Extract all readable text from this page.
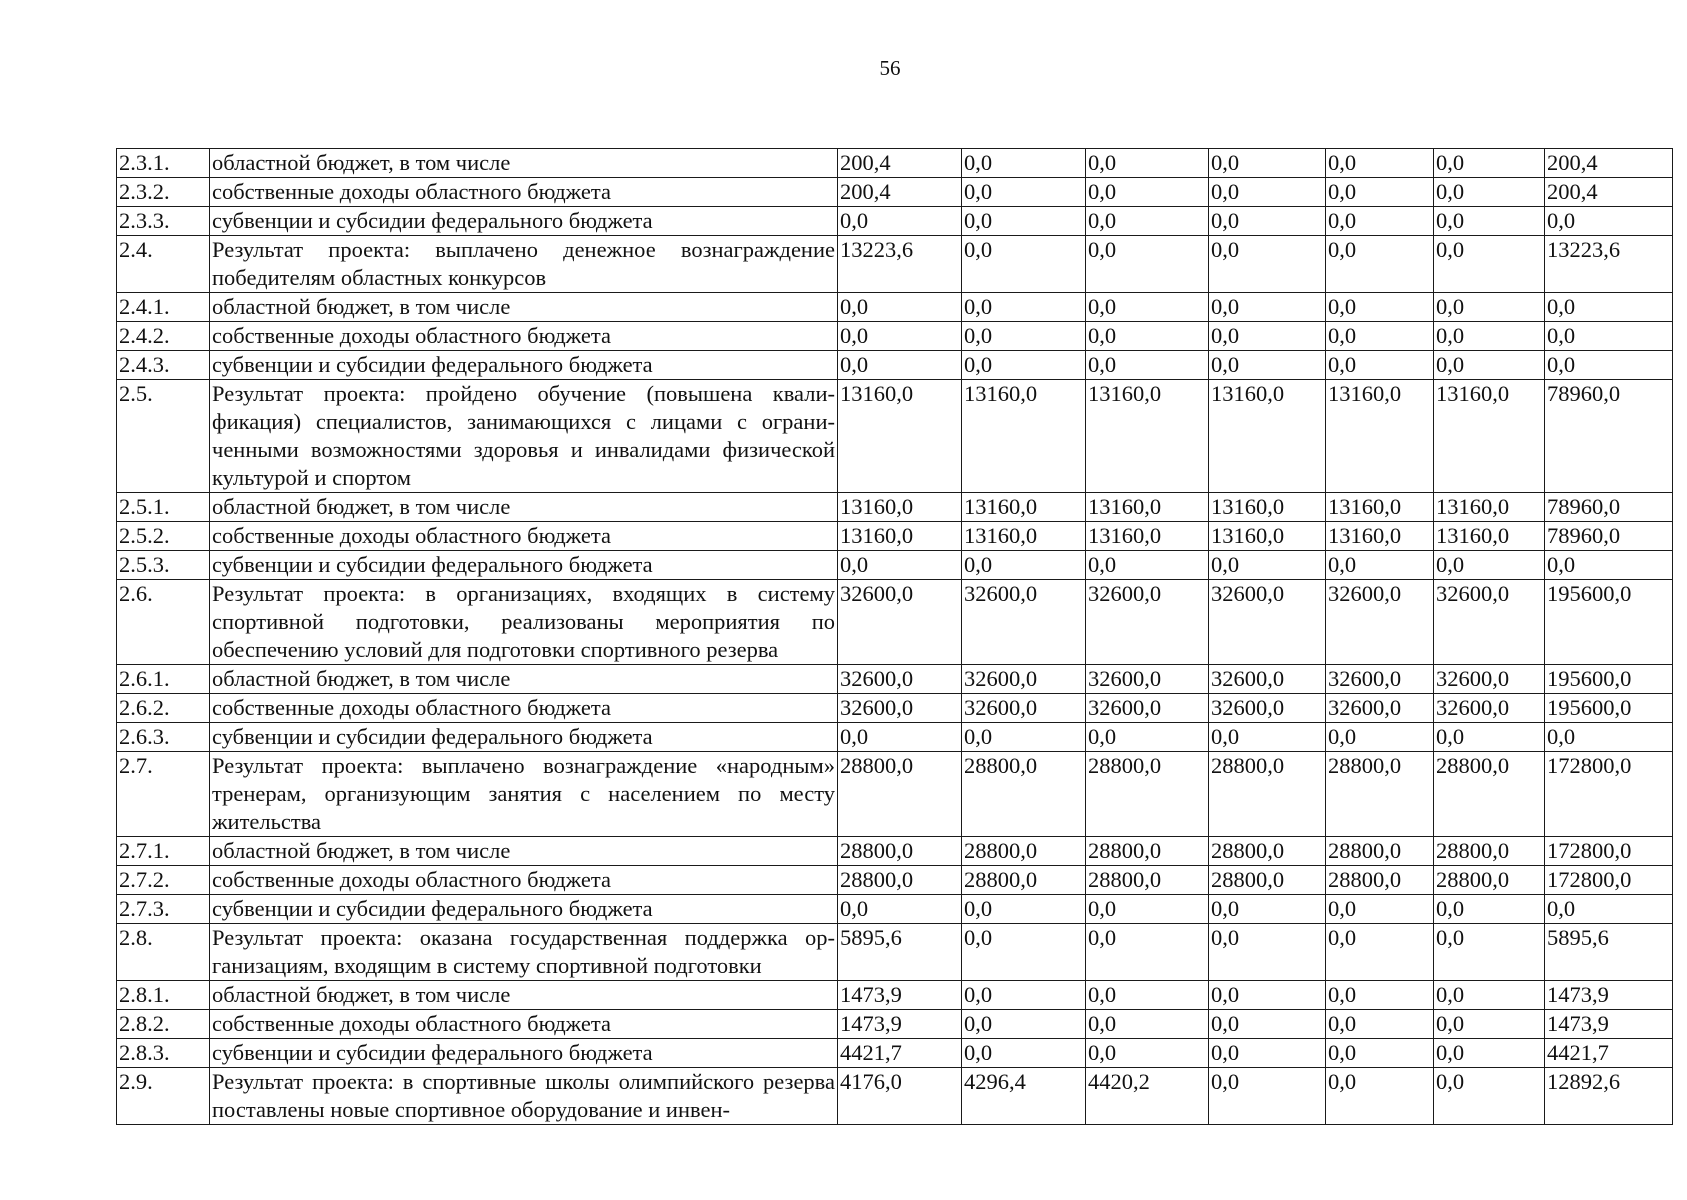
56
2.3.1.	областной бюджет, в том числе	200,4	0,0	0,0	0,0	0,0	0,0	200,4
2.3.2.	собственные доходы областного бюджета	200,4	0,0	0,0	0,0	0,0	0,0	200,4
2.3.3.	субвенции и субсидии федерального бюджета	0,0	0,0	0,0	0,0	0,0	0,0	0,0
2.4.	Результат проекта: выплачено денежное вознаграждение победителям областных конкурсов	13223,6	0,0	0,0	0,0	0,0	0,0	13223,6
2.4.1.	областной бюджет, в том числе	0,0	0,0	0,0	0,0	0,0	0,0	0,0
2.4.2.	собственные доходы областного бюджета	0,0	0,0	0,0	0,0	0,0	0,0	0,0
2.4.3.	субвенции и субсидии федерального бюджета	0,0	0,0	0,0	0,0	0,0	0,0	0,0
2.5.	Результат проекта: пройдено обучение (повышена квалификация) специалистов, занимающихся с лицами с ограниченными возможностями здоровья и инвалидами физической культурой и спортом	13160,0	13160,0	13160,0	13160,0	13160,0	13160,0	78960,0
2.5.1.	областной бюджет, в том числе	13160,0	13160,0	13160,0	13160,0	13160,0	13160,0	78960,0
2.5.2.	собственные доходы областного бюджета	13160,0	13160,0	13160,0	13160,0	13160,0	13160,0	78960,0
2.5.3.	субвенции и субсидии федерального бюджета	0,0	0,0	0,0	0,0	0,0	0,0	0,0
2.6.	Результат проекта: в организациях, входящих в систему спортивной подготовки, реализованы мероприятия по обеспечению условий для подготовки спортивного резерва	32600,0	32600,0	32600,0	32600,0	32600,0	32600,0	195600,0
2.6.1.	областной бюджет, в том числе	32600,0	32600,0	32600,0	32600,0	32600,0	32600,0	195600,0
2.6.2.	собственные доходы областного бюджета	32600,0	32600,0	32600,0	32600,0	32600,0	32600,0	195600,0
2.6.3.	субвенции и субсидии федерального бюджета	0,0	0,0	0,0	0,0	0,0	0,0	0,0
2.7.	Результат проекта: выплачено вознаграждение «народным» тренерам, организующим занятия с населением по месту жительства	28800,0	28800,0	28800,0	28800,0	28800,0	28800,0	172800,0
2.7.1.	областной бюджет, в том числе	28800,0	28800,0	28800,0	28800,0	28800,0	28800,0	172800,0
2.7.2.	собственные доходы областного бюджета	28800,0	28800,0	28800,0	28800,0	28800,0	28800,0	172800,0
2.7.3.	субвенции и субсидии федерального бюджета	0,0	0,0	0,0	0,0	0,0	0,0	0,0
2.8.	Результат проекта: оказана государственная поддержка организациям, входящим в систему спортивной подготовки	5895,6	0,0	0,0	0,0	0,0	0,0	5895,6
2.8.1.	областной бюджет, в том числе	1473,9	0,0	0,0	0,0	0,0	0,0	1473,9
2.8.2.	собственные доходы областного бюджета	1473,9	0,0	0,0	0,0	0,0	0,0	1473,9
2.8.3.	субвенции и субсидии федерального бюджета	4421,7	0,0	0,0	0,0	0,0	0,0	4421,7
2.9.	Результат проекта: в спортивные школы олимпийского резерва поставлены новые спортивное оборудование и инвен-	4176,0	4296,4	4420,2	0,0	0,0	0,0	12892,6
